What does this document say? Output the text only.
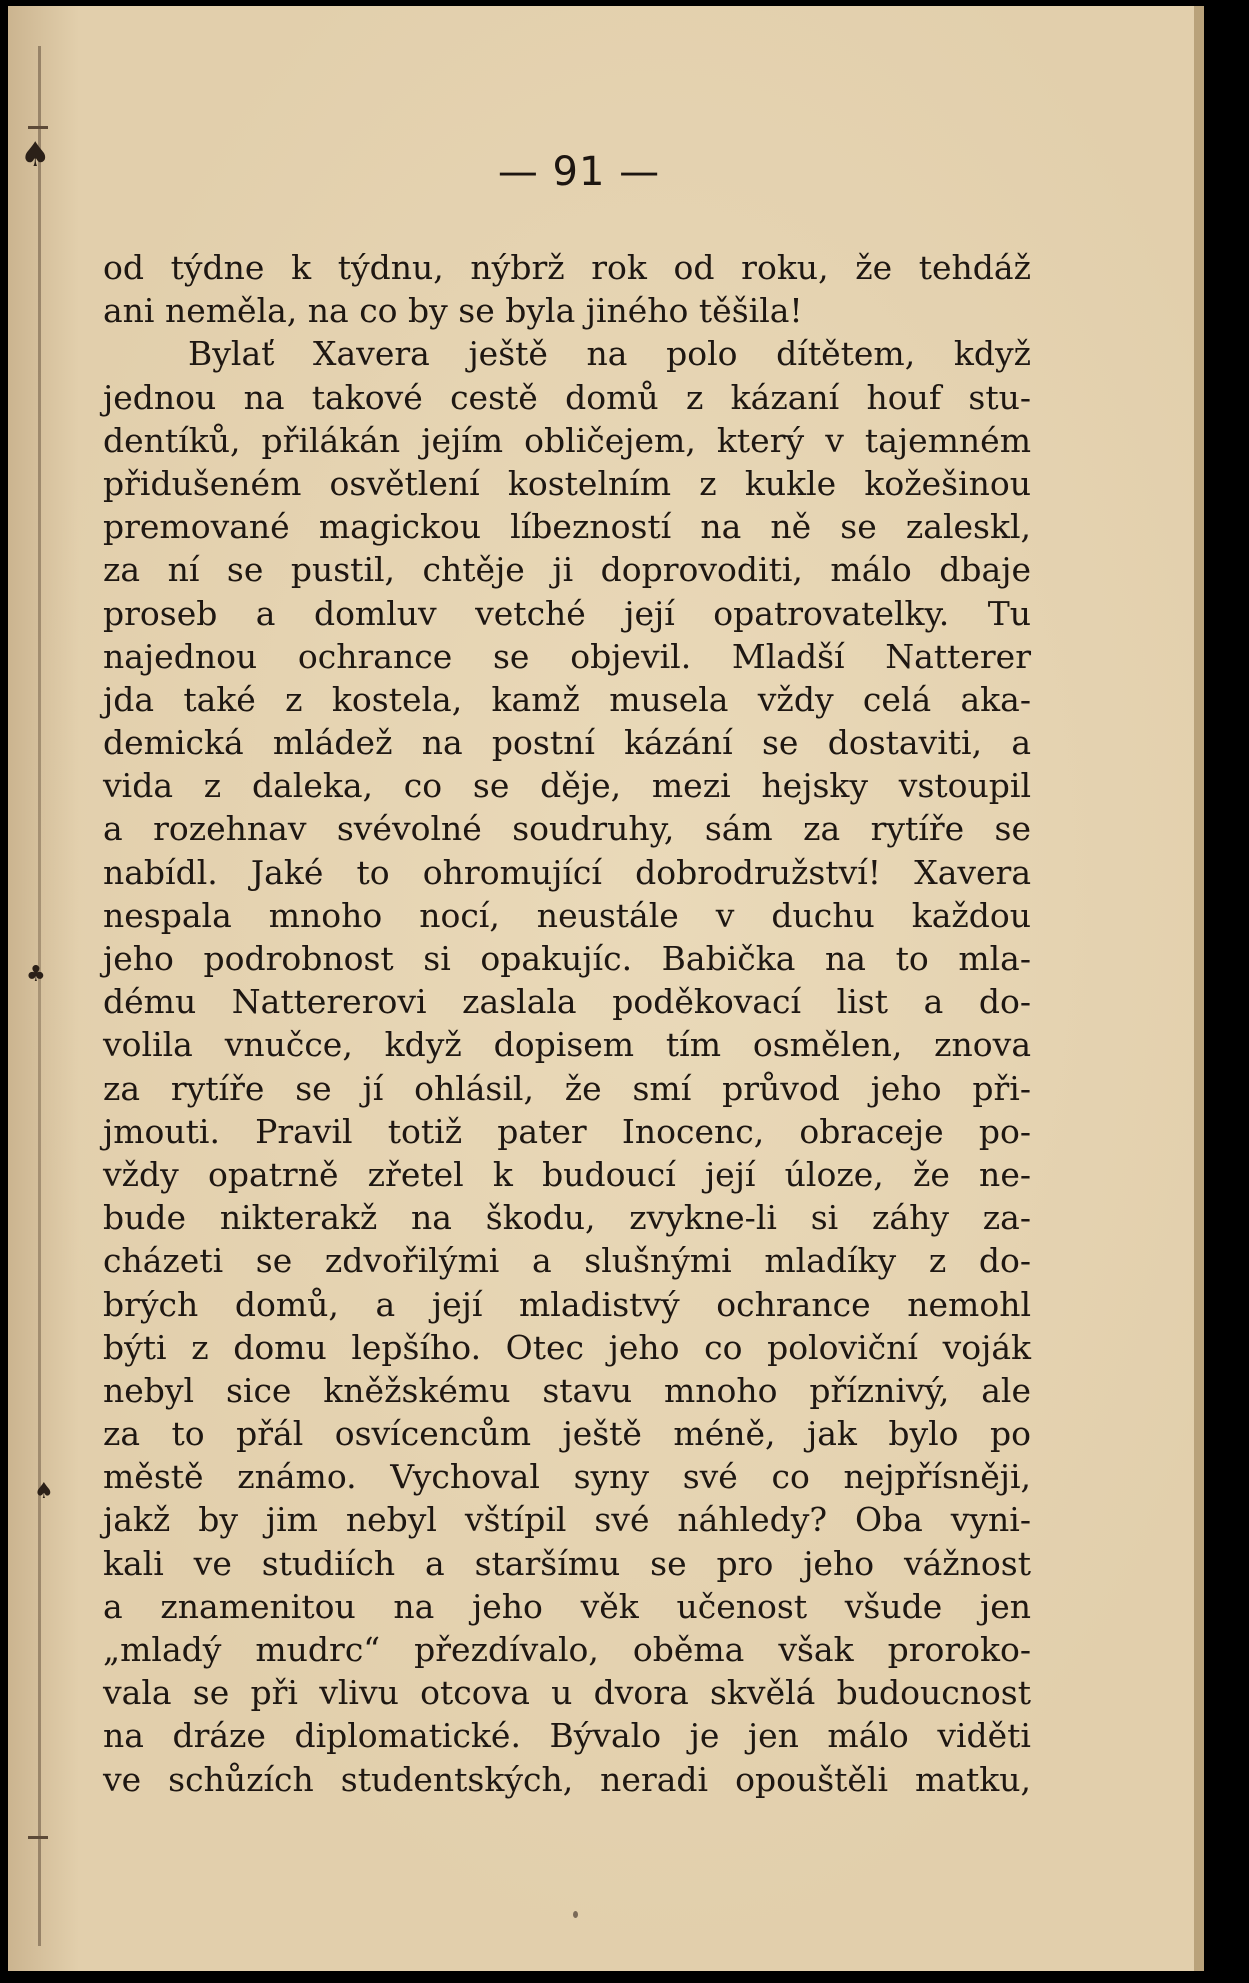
♣
♠
♠	— 91 —
od týdne k týdnu, nýbrž rok od roku, že tehdáž
ani neměla, na co by se byla jiného těšila!
Bylať Xavera ještě na polo dítětem, když
jednou na takové cestě domů z kázaní houf stu-
dentíků, přilákán jejím obličejem, který v tajemném
přidušeném osvětlení kostelním z kukle kožešinou
premované magickou líbezností na ně se zaleskl,
za ní se pustil, chtěje ji doprovoditi, málo dbaje
proseb a domluv vetché její opatrovatelky. Tu
najednou ochrance se objevil. Mladší Natterer
jda také z kostela, kamž musela vždy celá aka-
demická mládež na postní kázání se dostaviti, a
vida z daleka, co se děje, mezi hejsky vstoupil
a rozehnav svévolné soudruhy, sám za rytíře se
nabídl. Jaké to ohromující dobrodružství! Xavera
nespala mnoho nocí, neustále v duchu každou
jeho podrobnost si opakujíc. Babička na to mla-
dému Nattererovi zaslala poděkovací list a do-
volila vnučce, když dopisem tím osmělen, znova
za rytíře se jí ohlásil, že smí průvod jeho při-
jmouti. Pravil totiž pater Inocenc, obraceje po-
vždy opatrně zřetel k budoucí její úloze, že ne-
bude nikterakž na škodu, zvykne-li si záhy za-
cházeti se zdvořilými a slušnými mladíky z do-
brých domů, a její mladistvý ochrance nemohl
býti z domu lepšího. Otec jeho co poloviční voják
nebyl sice kněžskému stavu mnoho příznivý, ale
za to přál osvícencům ještě méně, jak bylo po
městě známo. Vychoval syny své co nejpřísněji,
jakž by jim nebyl vštípil své náhledy? Oba vyni-
kali ve studiích a staršímu se pro jeho vážnost
a znamenitou na jeho věk učenost všude jen
„mladý mudrc“ přezdívalo, oběma však proroko-
vala se při vlivu otcova u dvora skvělá budoucnost
na dráze diplomatické. Bývalo je jen málo viděti
ve schůzích studentských, neradi opouštěli matku,
